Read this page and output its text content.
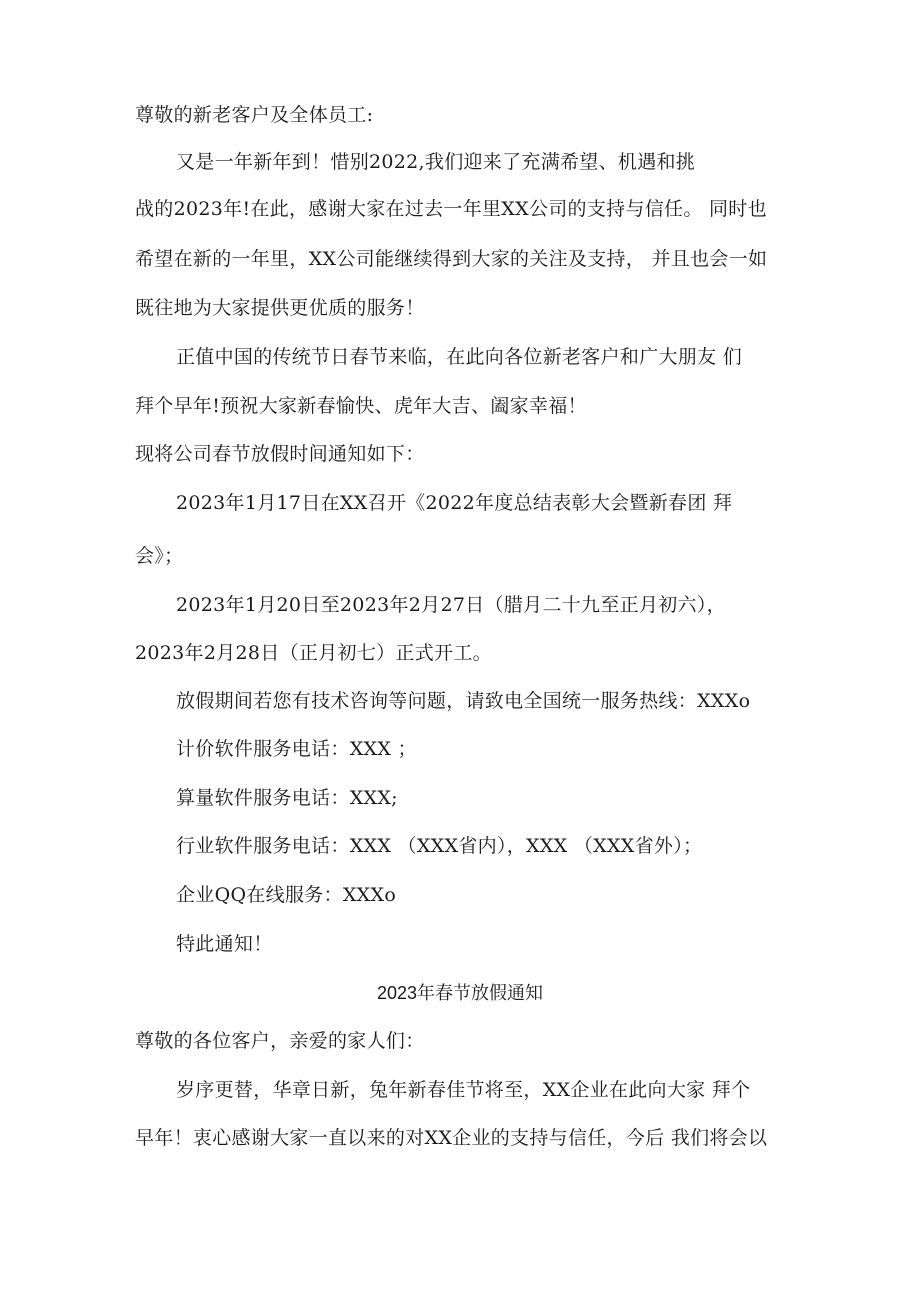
尊敬的新老客户及全体员工:
又是一年新年到！惜别2022,我们迎来了充满希望、机遇和挑
战的2023年!在此，感谢大家在过去一年里XX公司的支持与信任。 同时也
希望在新的一年里，XX公司能继续得到大家的关注及支持， 并且也会一如
既往地为大家提供更优质的服务！
正值中国的传统节日春节来临，在此向各位新老客户和广大朋友 们
拜个早年!预祝大家新春愉快、虎年大吉、阖家幸福！
现将公司春节放假时间通知如下：
2023年1月17日在XX召开《2022年度总结表彰大会暨新春团 拜
会》；
2023年1月20日至2023年2月27日（腊月二十九至正月初六），
2023年2月28日（正月初七）正式开工。
放假期间若您有技术咨询等问题，请致电全国统一服务热线：XXXo
计价软件服务电话：XXX ；
算量软件服务电话：XXX;
行业软件服务电话：XXX （XXX省内），XXX （XXX省外）；
企业QQ在线服务：XXXo
特此通知！
2023年春节放假通知
尊敬的各位客户，亲爱的家人们：
岁序更替，华章日新，兔年新春佳节将至，XX企业在此向大家 拜个
早年！衷心感谢大家一直以来的对XX企业的支持与信任，今后 我们将会以
